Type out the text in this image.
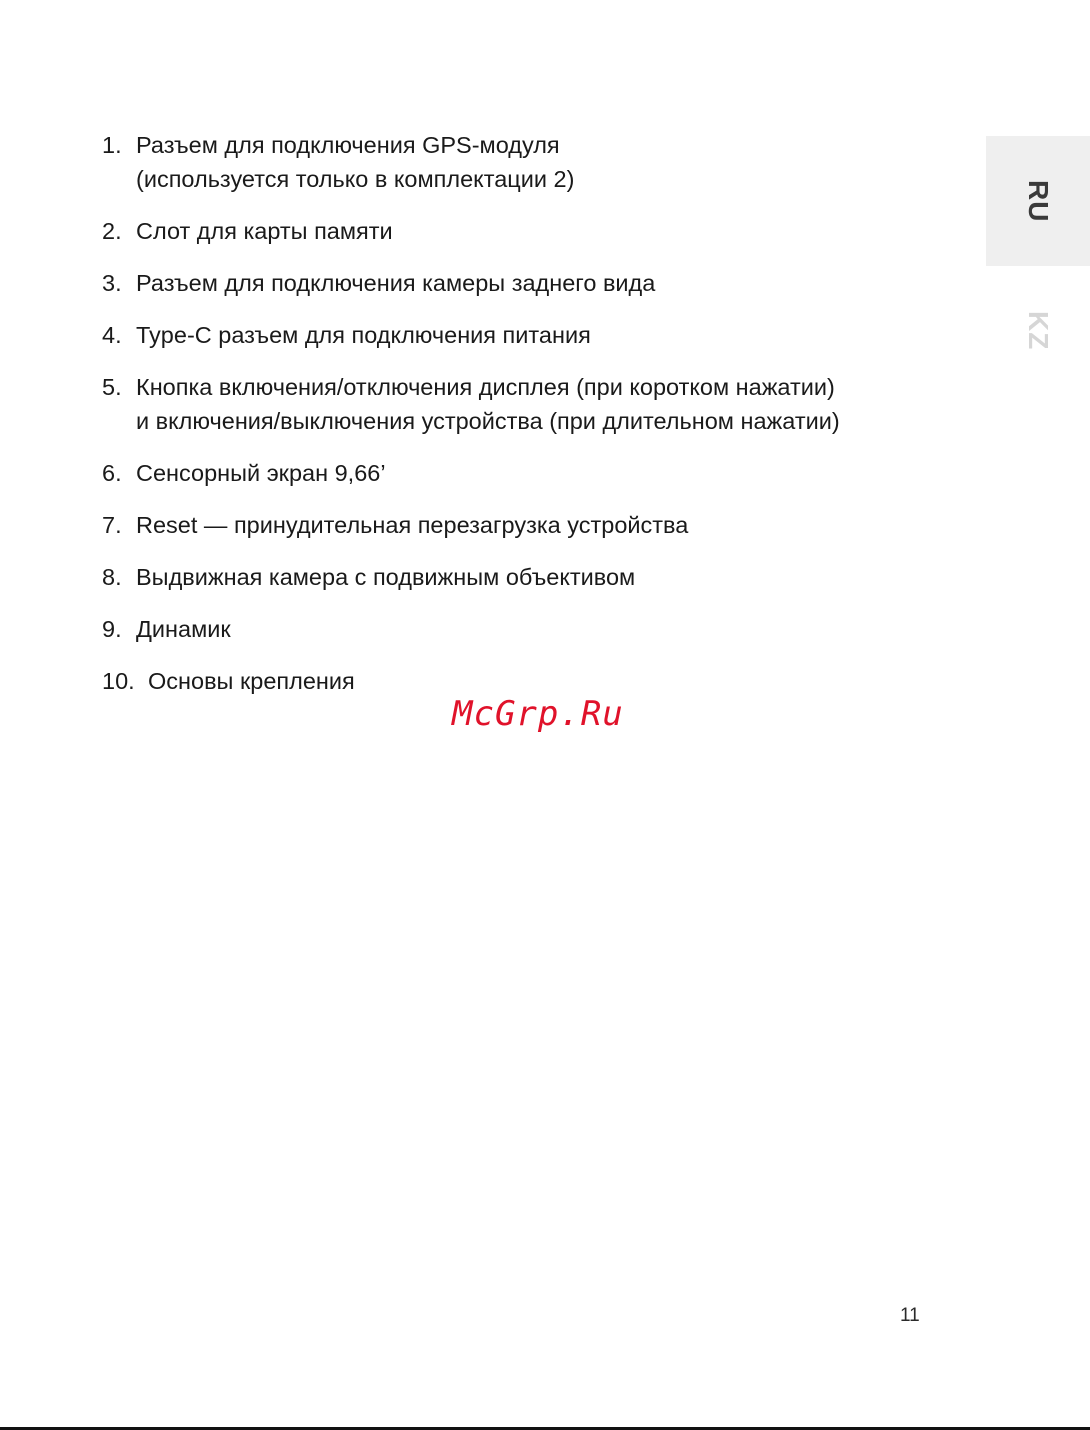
1. Разъем для подключения GPS-модуля
(используется только в комплектации 2)
2. Слот для карты памяти
3. Разъем для подключения камеры заднего вида
4. Type-C разъем для подключения питания
5. Кнопка включения/отключения дисплея (при коротком нажатии)
и включения/выключения устройства (при длительном нажатии)
6. Сенсорный экран 9,66’
7. Reset — принудительная перезагрузка устройства
8. Выдвижная камера с подвижным объективом
9. Динамик
10. Основы крепления
RU
KZ
McGrp.Ru
11
